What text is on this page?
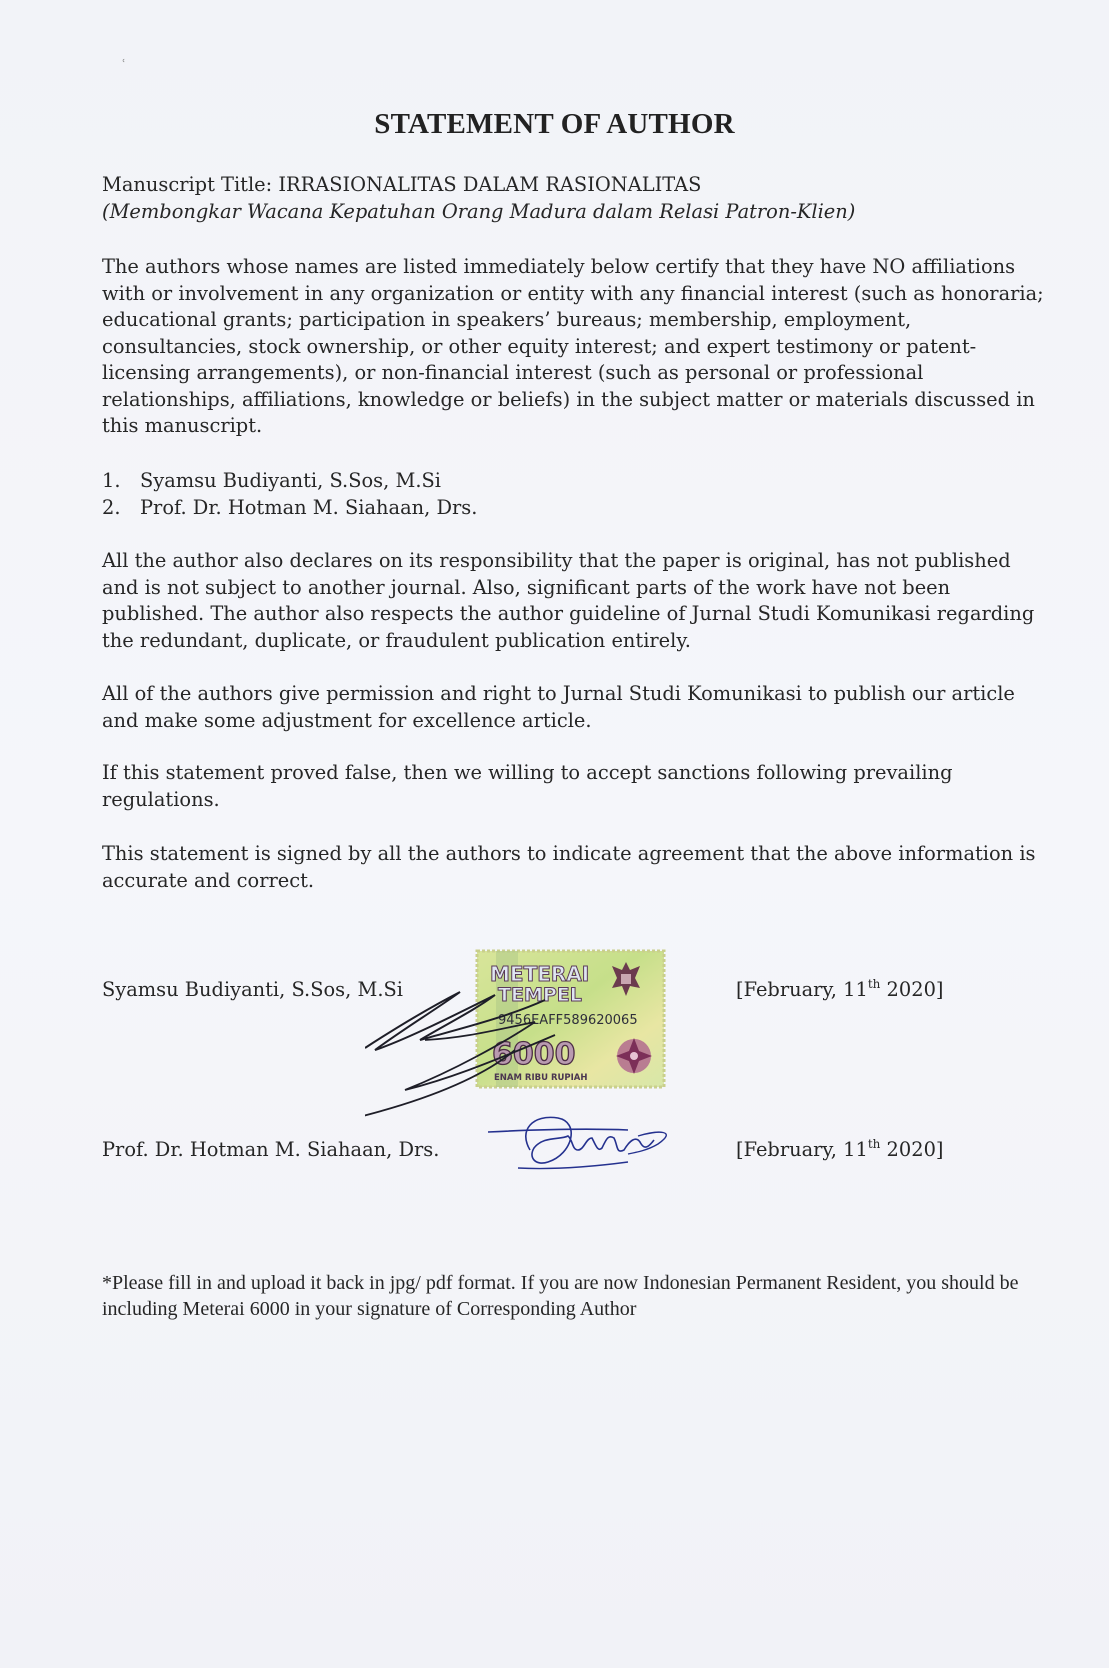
ʿ
STATEMENT OF AUTHOR
Manuscript Title: IRRASIONALITAS DALAM RASIONALITAS
(Membongkar Wacana Kepatuhan Orang Madura dalam Relasi Patron-Klien)

The authors whose names are listed immediately below certify that they have NO affiliations with or involvement in any organization or entity with any financial interest (such as honoraria; educational grants; participation in speakers’ bureaus; membership, employment, consultancies, stock ownership, or other equity interest; and expert testimony or patent-licensing arrangements), or non-financial interest (such as personal or professional relationships, affiliations, knowledge or beliefs) in the subject matter or materials discussed in this manuscript.

1.	Syamsu Budiyanti, S.Sos, M.Si
2.	Prof. Dr. Hotman M. Siahaan, Drs.

All the author also declares on its responsibility that the paper is original, has not published and is not subject to another journal. Also, significant parts of the work have not been published. The author also respects the author guideline of Jurnal Studi Komunikasi regarding the redundant, duplicate, or fraudulent publication entirely.

All of the authors give permission and right to Jurnal Studi Komunikasi to publish our article and make some adjustment for excellence article.

If this statement proved false, then we willing to accept sanctions following prevailing regulations.

This statement is signed by all the authors to indicate agreement that the above information is accurate and correct.

Syamsu Budiyanti, S.Sos, M.Si	[February, 11th 2020]
METERAI
TEMPEL
9456EAFF589620065
6000
ENAM RIBU RUPIAH
Prof. Dr. Hotman M. Siahaan, Drs.	[February, 11th 2020]
*Please fill in and upload it back in jpg/ pdf format. If you are now Indonesian Permanent Resident, you should be including Meterai 6000 in your signature of Corresponding Author
